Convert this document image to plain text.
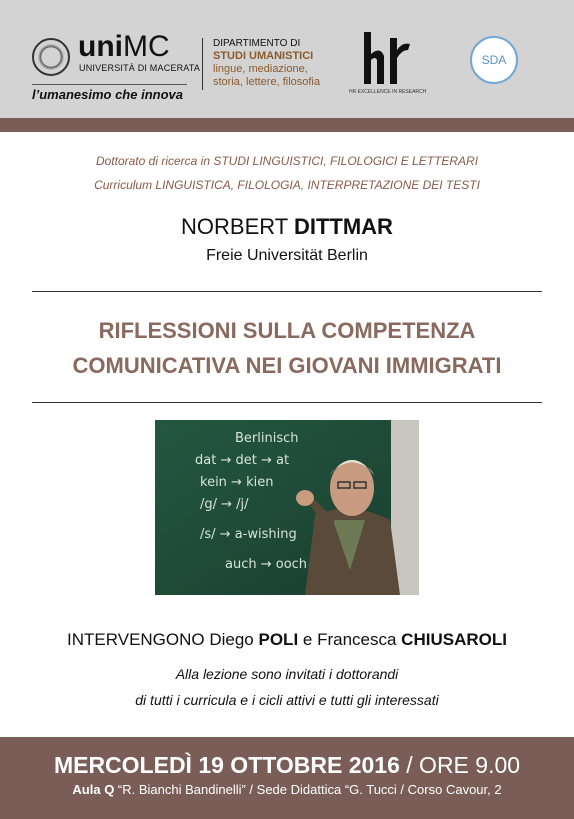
uniMC
UNIVERSITÀ DI MACERATA
l’umanesimo che innova
DIPARTIMENTO DI
STUDI UMANISTICI
lingue, mediazione,
storia, lettere, filosofia
HR EXCELLENCE IN RESEARCH
SDA
Dottorato di ricerca in STUDI LINGUISTICI, FILOLOGICI E LETTERARI
Curriculum LINGUISTICA, FILOLOGIA, INTERPRETAZIONE DEI TESTI
NORBERT DITTMAR
Freie Universität Berlin
RIFLESSIONI SULLA COMPETENZA
COMUNICATIVA NEI GIOVANI IMMIGRATI
Berlinisch
dat → det → at
kein → kien
/g/ → /j/
/s/ → a-wishing
auch → ooch
INTERVENGONO Diego POLI e Francesca CHIUSAROLI
Alla lezione sono invitati i dottorandi
di tutti i curricula e i cicli attivi e tutti gli interessati
MERCOLEDÌ 19 OTTOBRE 2016 / ORE 9.00
Aula Q “R. Bianchi Bandinelli” / Sede Didattica “G. Tucci / Corso Cavour, 2
